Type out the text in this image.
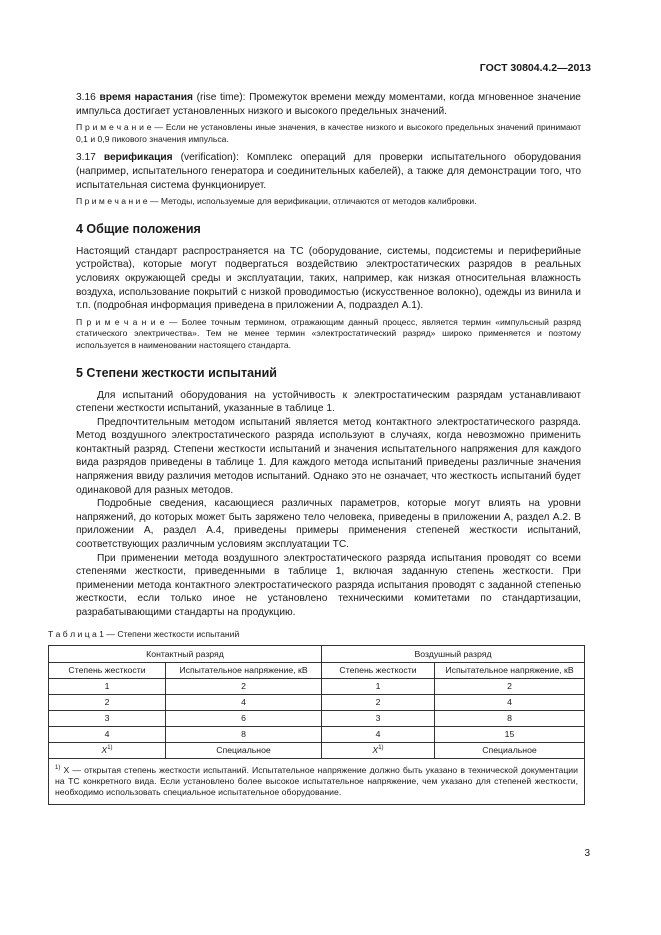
ГОСТ 30804.4.2—2013

3.16 время нарастания (rise time): Промежуток времени между моментами, когда мгновенное значение импульса достигает установленных низкого и высокого предельных значений.

П р и м е ч а н и е — Если не установлены иные значения, в качестве низкого и высокого предельных значений принимают 0,1 и 0,9 пикового значения импульса.

3.17 верификация (verification): Комплекс операций для проверки испытательного оборудования (например, испытательного генератора и соединительных кабелей), а также для демонстрации того, что испытательная система функционирует.

П р и м е ч а н и е — Методы, используемые для верификации, отличаются от методов калибровки.

4 Общие положения

Настоящий стандарт распространяется на ТС (оборудование, системы, подсистемы и периферийные устройства), которые могут подвергаться воздействию электростатических разрядов в реальных условиях окружающей среды и эксплуатации, таких, например, как низкая относительная влажность воздуха, использование покрытий с низкой проводимостью (искусственное волокно), одежды из винила и т.п. (подробная информация приведена в приложении А, подраздел А.1).

П р и м е ч а н и е — Более точным термином, отражающим данный процесс, является термин «импульсный разряд статического электричества». Тем не менее термин «электростатический разряд» широко применяется и поэтому используется в наименовании настоящего стандарта.

5 Степени жесткости испытаний

Для испытаний оборудования на устойчивость к электростатическим разрядам устанавливают степени жесткости испытаний, указанные в таблице 1.

Предпочтительным методом испытаний является метод контактного электростатического разряда. Метод воздушного электростатического разряда используют в случаях, когда невозможно применить контактный разряд. Степени жесткости испытаний и значения испытательного напряжения для каждого вида разрядов приведены в таблице 1. Для каждого метода испытаний приведены различные значения напряжения ввиду различия методов испытаний. Однако это не означает, что жесткость испытаний будет одинаковой для разных методов.

Подробные сведения, касающиеся различных параметров, которые могут влиять на уровни напряжений, до которых может быть заряжено тело человека, приведены в приложении А, раздел А.2. В приложении А, раздел А.4, приведены примеры применения степеней жесткости испытаний, соответствующих различным условиям эксплуатации ТС.

При применении метода воздушного электростатического разряда испытания проводят со всеми степенями жесткости, приведенными в таблице 1, включая заданную степень жесткости. При применении метода контактного электростатического разряда испытания проводят с заданной степенью жесткости, если только иное не установлено техническими комитетами по стандартизации, разрабатывающими стандарты на продукцию.

Т а б л и ц а 1 — Степени жесткости испытаний
Контактный разряд		Воздушный разряд	
Степень жесткости	Испытательное напряжение, кВ	Степень жесткости	Испытательное напряжение, кВ
1	2	1	2
2	4	2	4
3	6	3	8
4	8	4	15
$X^{1)}$	Специальное	$X^{1)}$	Специальное
$^{1)}$ X — открытая степень жесткости испытаний. Испытательное напряжение должно быть указано в технической документации на ТС конкретного вида. Если установлено более высокое испытательное напряжение, чем указано для степеней жесткости, необходимо использовать специальное испытательное оборудование.			
3
